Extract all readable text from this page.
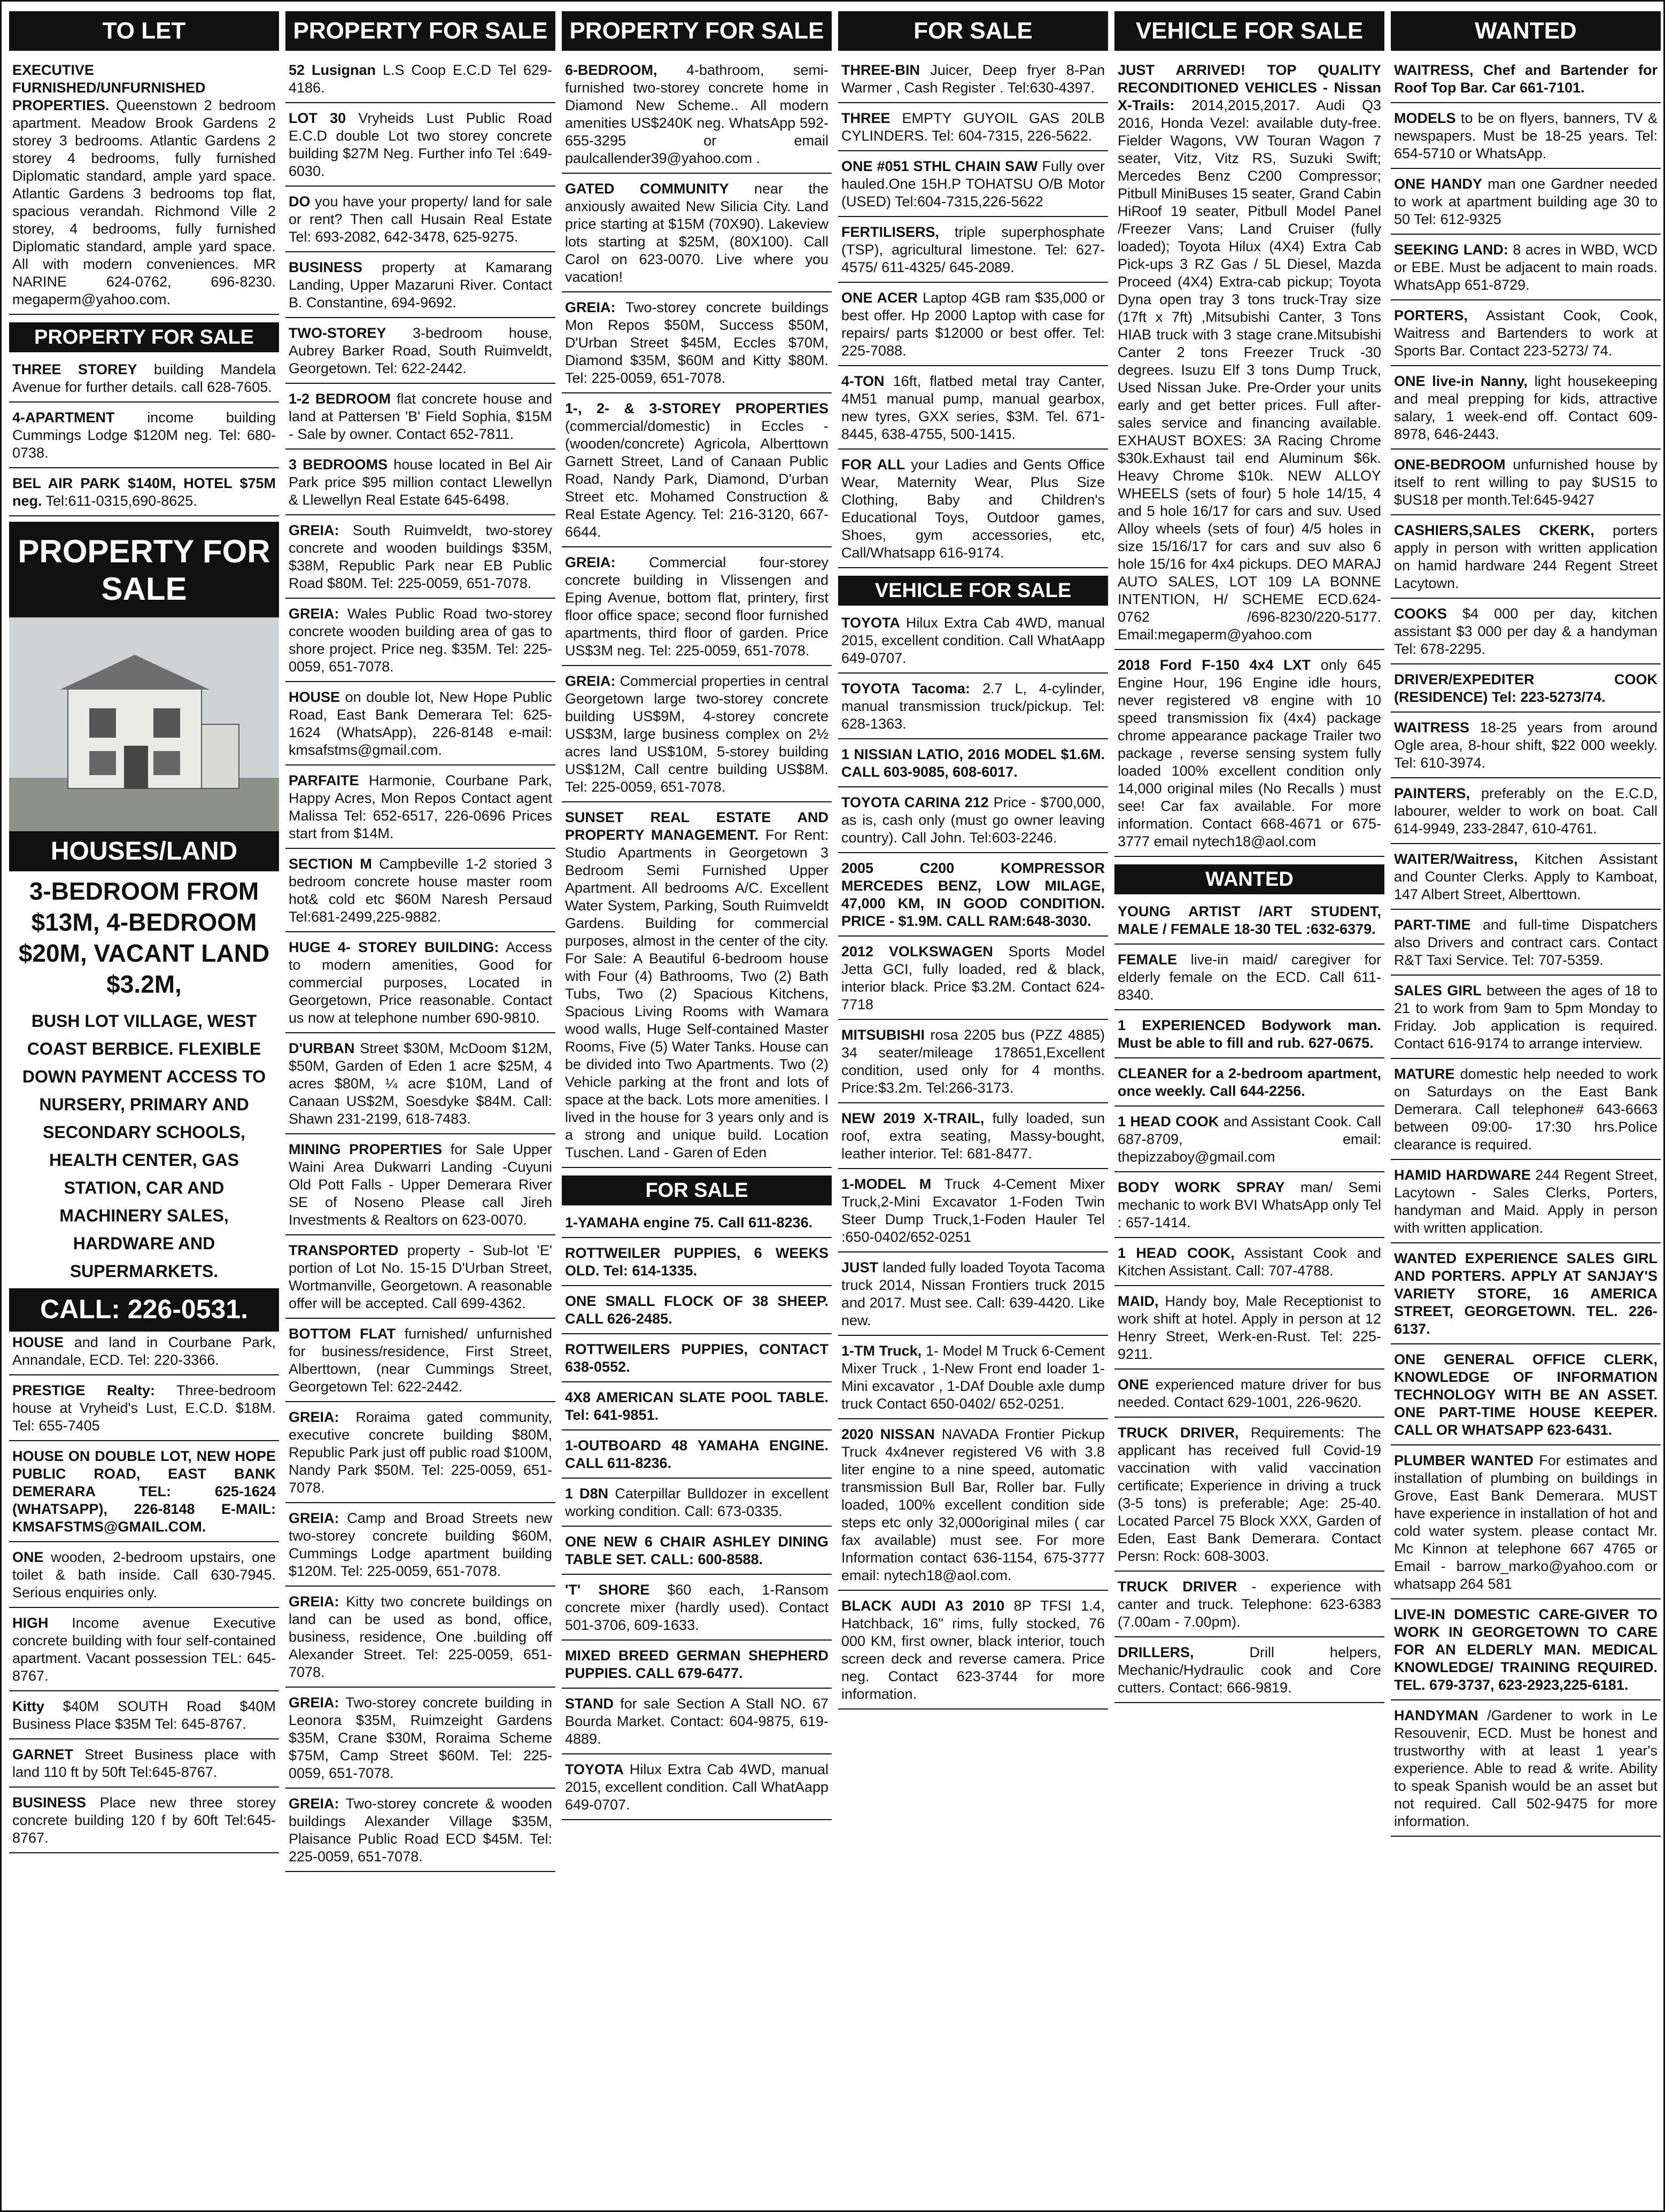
TO LET
EXECUTIVE FURNISHED/UNFURNISHED PROPERTIES. Queenstown 2 bedroom apartment. Meadow Brook Gardens 2 storey 3 bedrooms. Atlantic Gardens 2 storey 4 bedrooms, fully furnished Diplomatic standard, ample yard space. Atlantic Gardens 3 bedrooms top flat, spacious verandah. Richmond Ville 2 storey, 4 bedrooms, fully furnished Diplomatic standard, ample yard space. All with modern conveniences. MR NARINE 624-0762, 696-8230. megaperm@yahoo.com.
PROPERTY FOR SALE
THREE STOREY building Mandela Avenue for further details. call 628-7605.
4-APARTMENT income building Cummings Lodge $120M neg. Tel: 680-0738.
BEL AIR PARK $140M, HOTEL $75M neg. Tel:611-0315,690-8625.
PROPERTY FOR SALE
HOUSES/LAND
3-BEDROOM FROM $13M, 4-BEDROOM $20M, VACANT LAND $3.2M,
BUSH LOT VILLAGE, WEST COAST BERBICE. FLEXIBLE DOWN PAYMENT ACCESS TO NURSERY, PRIMARY AND SECONDARY SCHOOLS, HEALTH CENTER, GAS STATION, CAR AND MACHINERY SALES, HARDWARE AND SUPERMARKETS.
CALL: 226-0531.
HOUSE and land in Courbane Park, Annandale, ECD. Tel: 220-3366.
PRESTIGE Realty: Three-bedroom house at Vryheid's Lust, E.C.D. $18M. Tel: 655-7405
HOUSE ON DOUBLE LOT, NEW HOPE PUBLIC ROAD, EAST BANK DEMERARA TEL: 625-1624 (WHATSAPP), 226-8148 E-MAIL: KMSAFSTMS@GMAIL.COM.
ONE wooden, 2-bedroom upstairs, one toilet & bath inside. Call 630-7945. Serious enquiries only.
HIGH Income avenue Executive concrete building with four self-contained apartment. Vacant possession TEL: 645-8767.
Kitty $40M SOUTH Road $40M Business Place $35M Tel: 645-8767.
GARNET Street Business place with land 110 ft by 50ft Tel:645-8767.
BUSINESS Place new three storey concrete building 120 f by 60ft Tel:645-8767.
PROPERTY FOR SALE
52 Lusignan L.S Coop E.C.D Tel 629-4186.
LOT 30 Vryheids Lust Public Road E.C.D double Lot two storey concrete building $27M Neg. Further info Tel :649-6030.
DO you have your property/ land for sale or rent? Then call Husain Real Estate Tel: 693-2082, 642-3478, 625-9275.
BUSINESS property at Kamarang Landing, Upper Mazaruni River. Contact B. Constantine, 694-9692.
TWO-STOREY 3-bedroom house, Aubrey Barker Road, South Ruimveldt, Georgetown. Tel: 622-2442.
1-2 BEDROOM flat concrete house and land at Pattersen 'B' Field Sophia, $15M - Sale by owner. Contact 652-7811.
3 BEDROOMS house located in Bel Air Park price $95 million contact Llewellyn & Llewellyn Real Estate 645-6498.
GREIA: South Ruimveldt, two-storey concrete and wooden buildings $35M, $38M, Republic Park near EB Public Road $80M. Tel: 225-0059, 651-7078.
GREIA: Wales Public Road two-storey concrete wooden building area of gas to shore project. Price neg. $35M. Tel: 225-0059, 651-7078.
HOUSE on double lot, New Hope Public Road, East Bank Demerara Tel: 625-1624 (WhatsApp), 226-8148 e-mail: kmsafstms@gmail.com.
PARFAITE Harmonie, Courbane Park, Happy Acres, Mon Repos Contact agent Malissa Tel: 652-6517, 226-0696 Prices start from $14M.
SECTION M Campbeville 1-2 storied 3 bedroom concrete house master room hot& cold etc $60M Naresh Persaud Tel:681-2499,225-9882.
HUGE 4- STOREY BUILDING: Access to modern amenities, Good for commercial purposes, Located in Georgetown, Price reasonable. Contact us now at telephone number 690-9810.
D'URBAN Street $30M, McDoom $12M, $50M, Garden of Eden 1 acre $25M, 4 acres $80M, ¼ acre $10M, Land of Canaan US$2M, Soesdyke $84M. Call: Shawn 231-2199, 618-7483.
MINING PROPERTIES for Sale Upper Waini Area Dukwarri Landing -Cuyuni Old Pott Falls - Upper Demerara River SE of Noseno Please call Jireh Investments & Realtors on 623-0070.
TRANSPORTED property - Sub-lot 'E' portion of Lot No. 15-15 D'Urban Street, Wortmanville, Georgetown. A reasonable offer will be accepted. Call 699-4362.
BOTTOM FLAT furnished/ unfurnished for business/residence, First Street, Alberttown, (near Cummings Street, Georgetown Tel: 622-2442.
GREIA: Roraima gated community, executive concrete building $80M, Republic Park just off public road $100M, Nandy Park $50M. Tel: 225-0059, 651-7078.
GREIA: Camp and Broad Streets new two-storey concrete building $60M, Cummings Lodge apartment building $120M. Tel: 225-0059, 651-7078.
GREIA: Kitty two concrete buildings on land can be used as bond, office, business, residence, One .building off Alexander Street. Tel: 225-0059, 651-7078.
GREIA: Two-storey concrete building in Leonora $35M, Ruimzeight Gardens $35M, Crane $30M, Roraima Scheme $75M, Camp Street $60M. Tel: 225-0059, 651-7078.
GREIA: Two-storey concrete & wooden buildings Alexander Village $35M, Plaisance Public Road ECD $45M. Tel: 225-0059, 651-7078.
PROPERTY FOR SALE
6-BEDROOM, 4-bathroom, semi-furnished two-storey concrete home in Diamond New Scheme.. All modern amenities US$240K neg. WhatsApp 592-655-3295 or email paulcallender39@yahoo.com .
GATED COMMUNITY near the anxiously awaited New Silicia City. Land price starting at $15M (70X90). Lakeview lots starting at $25M, (80X100). Call Carol on 623-0070. Live where you vacation!
GREIA: Two-storey concrete buildings Mon Repos $50M, Success $50M, D'Urban Street $45M, Eccles $70M, Diamond $35M, $60M and Kitty $80M. Tel: 225-0059, 651-7078.
1-, 2- & 3-STOREY PROPERTIES (commercial/domestic) in Eccles - (wooden/concrete) Agricola, Alberttown Garnett Street, Land of Canaan Public Road, Nandy Park, Diamond, D'urban Street etc. Mohamed Construction & Real Estate Agency. Tel: 216-3120, 667-6644.
GREIA: Commercial four-storey concrete building in Vlissengen and Eping Avenue, bottom flat, printery, first floor office space; second floor furnished apartments, third floor of garden. Price US$3M neg. Tel: 225-0059, 651-7078.
GREIA: Commercial properties in central Georgetown large two-storey concrete building US$9M, 4-storey concrete US$3M, large business complex on 2½ acres land US$10M, 5-storey building US$12M, Call centre building US$8M. Tel: 225-0059, 651-7078.
SUNSET REAL ESTATE AND PROPERTY MANAGEMENT. For Rent: Studio Apartments in Georgetown 3 Bedroom Semi Furnished Upper Apartment. All bedrooms A/C. Excellent Water System, Parking, South Ruimveldt Gardens. Building for commercial purposes, almost in the center of the city. For Sale: A Beautiful 6-bedroom house with Four (4) Bathrooms, Two (2) Bath Tubs, Two (2) Spacious Kitchens, Spacious Living Rooms with Wamara wood walls, Huge Self-contained Master Rooms, Five (5) Water Tanks. House can be divided into Two Apartments. Two (2) Vehicle parking at the front and lots of space at the back. Lots more amenities. I lived in the house for 3 years only and is a strong and unique build. Location Tuschen. Land - Garen of Eden
FOR SALE
1-YAMAHA engine 75. Call 611-8236.
ROTTWEILER PUPPIES, 6 WEEKS OLD. Tel: 614-1335.
ONE SMALL FLOCK OF 38 SHEEP. CALL 626-2485.
ROTTWEILERS PUPPIES, CONTACT 638-0552.
4X8 AMERICAN SLATE POOL TABLE. Tel: 641-9851.
1-OUTBOARD 48 YAMAHA ENGINE. CALL 611-8236.
1 D8N Caterpillar Bulldozer in excellent working condition. Call: 673-0335.
ONE NEW 6 CHAIR ASHLEY DINING TABLE SET. CALL: 600-8588.
'T' SHORE $60 each, 1-Ransom concrete mixer (hardly used). Contact 501-3706, 609-1633.
MIXED BREED GERMAN SHEPHERD PUPPIES. CALL 679-6477.
STAND for sale Section A Stall NO. 67 Bourda Market. Contact: 604-9875, 619-4889.
TOYOTA Hilux Extra Cab 4WD, manual 2015, excellent condition. Call WhatAapp 649-0707.
FOR SALE
THREE-BIN Juicer, Deep fryer 8-Pan Warmer , Cash Register . Tel:630-4397.
THREE EMPTY GUYOIL GAS 20LB CYLINDERS. Tel: 604-7315, 226-5622.
ONE #051 STHL CHAIN SAW Fully over hauled.One 15H.P TOHATSU O/B Motor (USED) Tel:604-7315,226-5622
FERTILISERS, triple superphosphate (TSP), agricultural limestone. Tel: 627-4575/ 611-4325/ 645-2089.
ONE ACER Laptop 4GB ram $35,000 or best offer. Hp 2000 Laptop with case for repairs/ parts $12000 or best offer. Tel: 225-7088.
4-TON 16ft, flatbed metal tray Canter, 4M51 manual pump, manual gearbox, new tyres, GXX series, $3M. Tel. 671-8445, 638-4755, 500-1415.
FOR ALL your Ladies and Gents Office Wear, Maternity Wear, Plus Size Clothing, Baby and Children's Educational Toys, Outdoor games, Shoes, gym accessories, etc, Call/Whatsapp 616-9174.
VEHICLE FOR SALE
TOYOTA Hilux Extra Cab 4WD, manual 2015, excellent condition. Call WhatAapp 649-0707.
TOYOTA Tacoma: 2.7 L, 4-cylinder, manual transmission truck/pickup. Tel: 628-1363.
1 NISSIAN LATIO, 2016 MODEL $1.6M. CALL 603-9085, 608-6017.
TOYOTA CARINA 212 Price - $700,000, as is, cash only (must go owner leaving country). Call John. Tel:603-2246.
2005 C200 KOMPRESSOR MERCEDES BENZ, LOW MILAGE, 47,000 KM, IN GOOD CONDITION. PRICE - $1.9M. CALL RAM:648-3030.
2012 VOLKSWAGEN Sports Model Jetta GCI, fully loaded, red & black, interior black. Price $3.2M. Contact 624-7718
MITSUBISHI rosa 2205 bus (PZZ 4885) 34 seater/mileage 178651,Excellent condition, used only for 4 months. Price:$3.2m. Tel:266-3173.
NEW 2019 X-TRAIL, fully loaded, sun roof, extra seating, Massy-bought, leather interior. Tel: 681-8477.
1-MODEL M Truck 4-Cement Mixer Truck,2-Mini Excavator 1-Foden Twin Steer Dump Truck,1-Foden Hauler Tel :650-0402/652-0251
JUST landed fully loaded Toyota Tacoma truck 2014, Nissan Frontiers truck 2015 and 2017. Must see. Call: 639-4420. Like new.
1-TM Truck, 1- Model M Truck 6-Cement Mixer Truck , 1-New Front end loader 1-Mini excavator , 1-DAf Double axle dump truck Contact 650-0402/ 652-0251.
2020 NISSAN NAVADA Frontier Pickup Truck 4x4never registered V6 with 3.8 liter engine to a nine speed, automatic transmission Bull Bar, Roller bar. Fully loaded, 100% excellent condition side steps etc only 32,000original miles ( car fax available) must see. For more Information contact 636-1154, 675-3777 email: nytech18@aol.com.
BLACK AUDI A3 2010 8P TFSI 1.4, Hatchback, 16" rims, fully stocked, 76 000 KM, first owner, black interior, touch screen deck and reverse camera. Price neg. Contact 623-3744 for more information.
VEHICLE FOR SALE
JUST ARRIVED! TOP QUALITY RECONDITIONED VEHICLES - Nissan X-Trails: 2014,2015,2017. Audi Q3 2016, Honda Vezel: available duty-free. Fielder Wagons, VW Touran Wagon 7 seater, Vitz, Vitz RS, Suzuki Swift; Mercedes Benz C200 Compressor; Pitbull MiniBuses 15 seater, Grand Cabin HiRoof 19 seater, Pitbull Model Panel /Freezer Vans; Land Cruiser (fully loaded); Toyota Hilux (4X4) Extra Cab Pick-ups 3 RZ Gas / 5L Diesel, Mazda Proceed (4X4) Extra-cab pickup; Toyota Dyna open tray 3 tons truck-Tray size (17ft x 7ft) ,Mitsubishi Canter, 3 Tons HIAB truck with 3 stage crane.Mitsubishi Canter 2 tons Freezer Truck -30 degrees. Isuzu Elf 3 tons Dump Truck, Used Nissan Juke. Pre-Order your units early and get better prices. Full after-sales service and financing available. EXHAUST BOXES: 3A Racing Chrome $30k.Exhaust tail end Aluminum $6k. Heavy Chrome $10k. NEW ALLOY WHEELS (sets of four) 5 hole 14/15, 4 and 5 hole 16/17 for cars and suv. Used Alloy wheels (sets of four) 4/5 holes in size 15/16/17 for cars and suv also 6 hole 15/16 for 4x4 pickups. DEO MARAJ AUTO SALES, LOT 109 LA BONNE INTENTION, H/ SCHEME ECD.624-0762 /696-8230/220-5177. Email:megaperm@yahoo.com
2018 Ford F-150 4x4 LXT only 645 Engine Hour, 196 Engine idle hours, never registered v8 engine with 10 speed transmission fix (4x4) package chrome appearance package Trailer two package , reverse sensing system fully loaded 100% excellent condition only 14,000 original miles (No Recalls ) must see! Car fax available. For more information. Contact 668-4671 or 675-3777 email nytech18@aol.com
WANTED
YOUNG ARTIST /ART STUDENT, MALE / FEMALE 18-30 TEL :632-6379.
FEMALE live-in maid/ caregiver for elderly female on the ECD. Call 611-8340.
1 EXPERIENCED Bodywork man. Must be able to fill and rub. 627-0675.
CLEANER for a 2-bedroom apartment, once weekly. Call 644-2256.
1 HEAD COOK and Assistant Cook. Call 687-8709, email: thepizzaboy@gmail.com
BODY WORK SPRAY man/ Semi mechanic to work BVI WhatsApp only Tel : 657-1414.
1 HEAD COOK, Assistant Cook and Kitchen Assistant. Call: 707-4788.
MAID, Handy boy, Male Receptionist to work shift at hotel. Apply in person at 12 Henry Street, Werk-en-Rust. Tel: 225-9211.
ONE experienced mature driver for bus needed. Contact 629-1001, 226-9620.
TRUCK DRIVER, Requirements: The applicant has received full Covid-19 vaccination with valid vaccination certificate; Experience in driving a truck (3-5 tons) is preferable; Age: 25-40. Located Parcel 75 Block XXX, Garden of Eden, East Bank Demerara. Contact Persn: Rock: 608-3003.
TRUCK DRIVER - experience with canter and truck. Telephone: 623-6383 (7.00am - 7.00pm).
DRILLERS,	Drill helpers, Mechanic/Hydraulic cook and Core cutters. Contact: 666-9819.
WANTED
WAITRESS, Chef and Bartender for Roof Top Bar. Car 661-7101.
MODELS to be on flyers, banners, TV & newspapers. Must be 18-25 years. Tel: 654-5710 or WhatsApp.
ONE HANDY man one Gardner needed to work at apartment building age 30 to 50 Tel: 612-9325
SEEKING LAND: 8 acres in WBD, WCD or EBE. Must be adjacent to main roads. WhatsApp 651-8729.
PORTERS, Assistant Cook, Cook, Waitress and Bartenders to work at Sports Bar. Contact 223-5273/ 74.
ONE live-in Nanny, light housekeeping and meal prepping for kids, attractive salary, 1 week-end off. Contact 609-8978, 646-2443.
ONE-BEDROOM unfurnished house by itself to rent willing to pay $US15 to $US18 per month.Tel:645-9427
CASHIERS,SALES CKERK, porters apply in person with written application on hamid hardware 244 Regent Street Lacytown.
COOKS $4 000 per day, kitchen assistant $3 000 per day & a handyman Tel: 678-2295.
DRIVER/EXPEDITER COOK (RESIDENCE) Tel: 223-5273/74.
WAITRESS 18-25 years from around Ogle area, 8-hour shift, $22 000 weekly. Tel: 610-3974.
PAINTERS, preferably on the E.C.D, labourer, welder to work on boat. Call 614-9949, 233-2847, 610-4761.
WAITER/Waitress, Kitchen Assistant and Counter Clerks. Apply to Kamboat, 147 Albert Street, Alberttown.
PART-TIME and full-time Dispatchers also Drivers and contract cars. Contact R&T Taxi Service. Tel: 707-5359.
SALES GIRL between the ages of 18 to 21 to work from 9am to 5pm Monday to Friday. Job application is required. Contact 616-9174 to arrange interview.
MATURE domestic help needed to work on Saturdays on the East Bank Demerara. Call telephone# 643-6663 between 09:00- 17:30 hrs.Police clearance is required.
HAMID HARDWARE 244 Regent Street, Lacytown - Sales Clerks, Porters, handyman and Maid. Apply in person with written application.
WANTED EXPERIENCE SALES GIRL AND PORTERS. APPLY AT SANJAY'S VARIETY STORE, 16 AMERICA STREET, GEORGETOWN. TEL. 226-6137.
ONE GENERAL OFFICE CLERK, KNOWLEDGE OF INFORMATION TECHNOLOGY WITH BE AN ASSET. ONE PART-TIME HOUSE KEEPER. CALL OR WHATSAPP 623-6431.
PLUMBER WANTED For estimates and installation of plumbing on buildings in Grove, East Bank Demerara. MUST have experience in installation of hot and cold water system. please contact Mr. Mc Kinnon at telephone 667 4765 or Email - barrow_marko@yahoo.com or whatsapp 264 581
LIVE-IN DOMESTIC CARE-GIVER TO WORK IN GEORGETOWN TO CARE FOR AN ELDERLY MAN. MEDICAL KNOWLEDGE/ TRAINING REQUIRED. TEL. 679-3737, 623-2923,225-6181.
HANDYMAN /Gardener to work in Le Resouvenir, ECD. Must be honest and trustworthy with at least 1 year's experience. Able to read & write. Ability to speak Spanish would be an asset but not required. Call 502-9475 for more information.
